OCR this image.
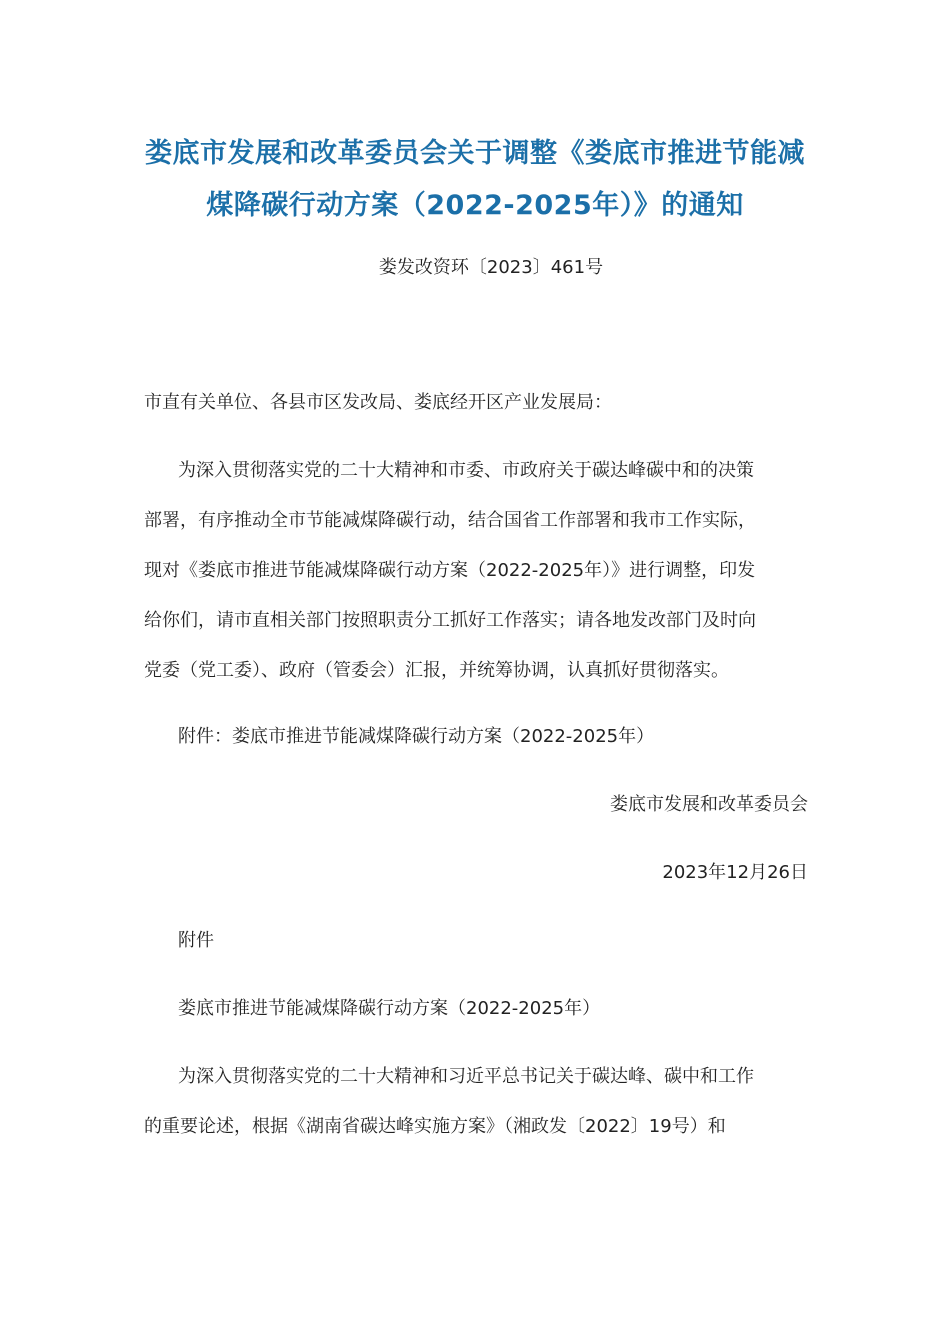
娄底市发展和改革委员会关于调整《娄底市推进节能减
煤降碳行动方案（2022-2025年）》的通知
娄发改资环〔2023〕461号
市直有关单位、各县市区发改局、娄底经开区产业发展局：
为深入贯彻落实党的二十大精神和市委、市政府关于碳达峰碳中和的决策
部署，有序推动全市节能减煤降碳行动，结合国省工作部署和我市工作实际，
现对《娄底市推进节能减煤降碳行动方案（2022-2025年）》进行调整，印发
给你们，请市直相关部门按照职责分工抓好工作落实；请各地发改部门及时向
党委（党工委）、政府（管委会）汇报，并统筹协调，认真抓好贯彻落实。
附件：娄底市推进节能减煤降碳行动方案（2022-2025年）
娄底市发展和改革委员会
2023年12月26日
附件
娄底市推进节能减煤降碳行动方案（2022-2025年）
为深入贯彻落实党的二十大精神和习近平总书记关于碳达峰、碳中和工作
的重要论述，根据《湖南省碳达峰实施方案》（湘政发〔2022〕19号）和
